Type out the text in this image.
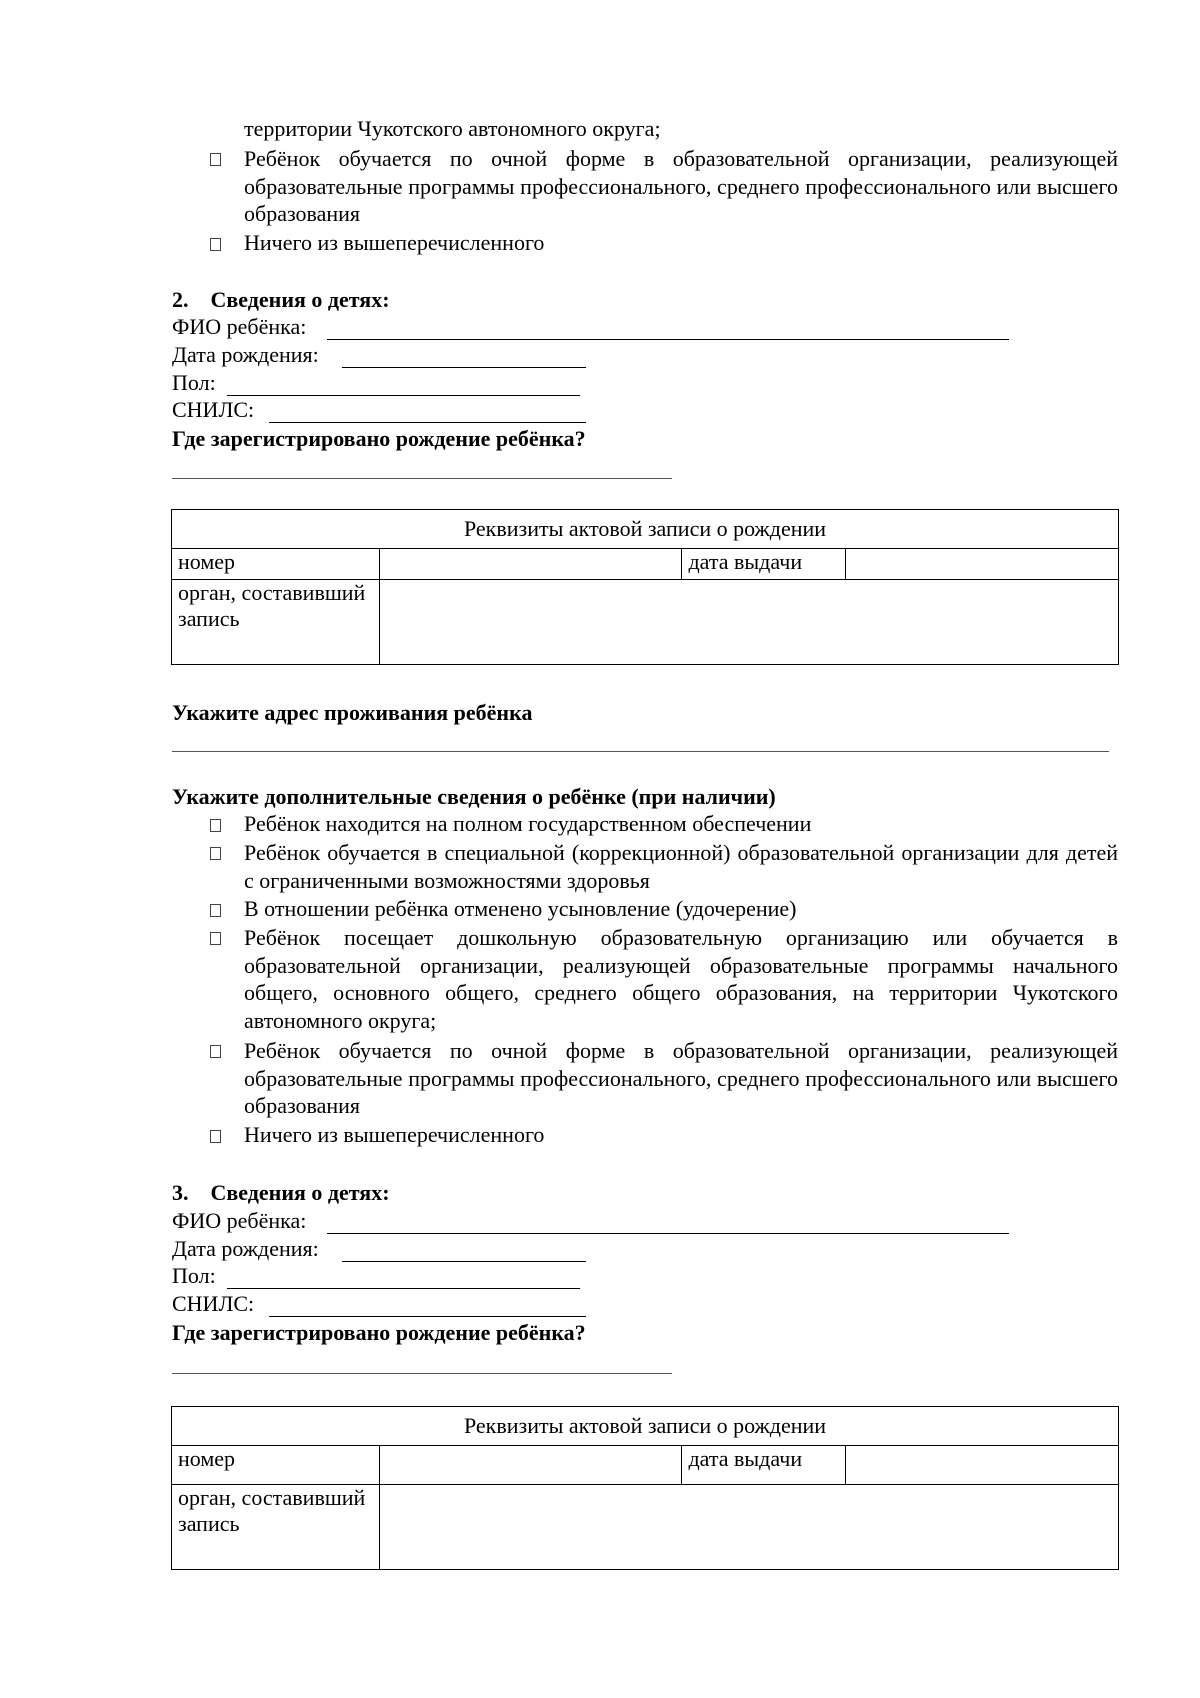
территории Чукотского автономного округа;
Ребёнок обучается по очной форме в образовательной организации, реализующей образовательные программы профессионального, среднего профессионального или высшего образования
Ничего из вышеперечисленного
2.    Сведения о детях:
ФИО ребёнка:
Дата рождения:
Пол:
СНИЛС:
Где зарегистрировано рождение ребёнка?
Реквизиты актовой записи о рождении			
номер		дата выдачи	
орган, составивший запись			
Укажите адрес проживания ребёнка
Укажите дополнительные сведения о ребёнке (при наличии)
Ребёнок находится на полном государственном обеспечении
Ребёнок обучается в специальной (коррекционной) образовательной организации для детей с ограниченными возможностями здоровья
В отношении ребёнка отменено усыновление (удочерение)
Ребёнок посещает дошкольную образовательную организацию или обучается в образовательной организации, реализующей образовательные программы начального общего, основного общего, среднего общего образования, на территории Чукотского автономного округа;
Ребёнок обучается по очной форме в образовательной организации, реализующей образовательные программы профессионального, среднего профессионального или высшего образования
Ничего из вышеперечисленного
3.    Сведения о детях:
ФИО ребёнка:
Дата рождения:
Пол:
СНИЛС:
Где зарегистрировано рождение ребёнка?
Реквизиты актовой записи о рождении			
номер		дата выдачи	
орган, составивший запись			
